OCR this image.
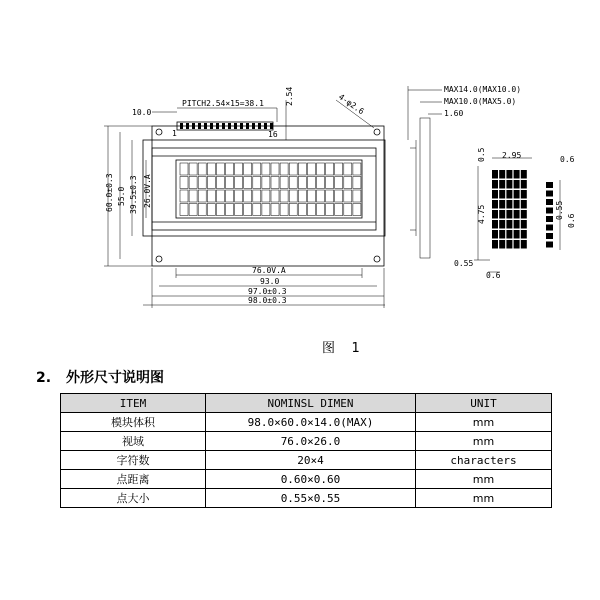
10.0
PITCH2.54×15=38.1
1	16
2.54	4-φ2.6
MAX14.0(MAX10.0)
MAX10.0(MAX5.0)
1.60
60.0±0.3 55.0 39.5±0.3 26.0V.A
76.0V.A
93.0
97.0±0.3
98.0±0.3
0.5 2.95	0.6
4.75
0.55
0.6
0.55
0.6
图    1
2. 外形尺寸说明图
ITEM	NOMINSL DIMEN	UNIT
模块体积	98.0×60.0×14.0(MAX)	mm
视域	76.0×26.0	mm
字符数	20×4	characters
点距离	0.60×0.60	mm
点大小	0.55×0.55	mm
